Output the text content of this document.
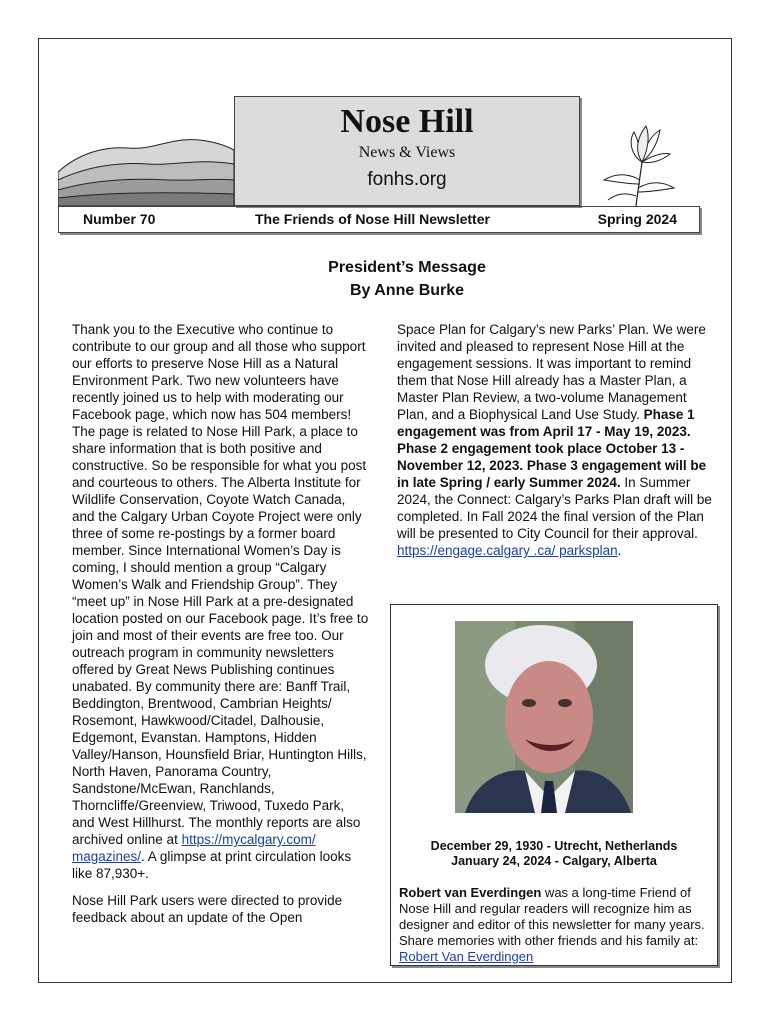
Nose Hill
News & Views
fonhs.org
Number 70	The Friends of Nose Hill Newsletter	Spring 2024
President’s Message
By Anne Burke

Thank you to the Executive who continue to contribute to our group and all those who support our efforts to preserve Nose Hill as a Natural Environment Park. Two new volunteers have recently joined us to help with moderating our Facebook page, which now has 504 members! The page is related to Nose Hill Park, a place to share information that is both positive and constructive. So be responsible for what you post and courteous to others. The Alberta Institute for Wildlife Conservation, Coyote Watch Canada, and the Calgary Urban Coyote Project were only three of some re-postings by a former board member. Since International Women’s Day is coming, I should mention a group “Calgary Women’s Walk and Friendship Group”. They “meet up” in Nose Hill Park at a pre-designated location posted on our Facebook page. It’s free to join and most of their events are free too. Our outreach program in community newsletters offered by Great News Publishing continues unabated. By community there are: Banff Trail, Beddington, Brentwood, Cambrian Heights/ Rosemont, Hawkwood/Citadel, Dalhousie, Edgemont, Evanstan. Hamptons, Hidden Valley/Hanson, Hounsfield Briar, Huntington Hills, North Haven, Panorama Country, Sandstone/McEwan, Ranchlands, Thorncliffe/Greenview, Triwood, Tuxedo Park, and West Hillhurst. The monthly reports are also archived online at https://mycalgary.com/ magazines/. A glimpse at print circulation looks like 87,930+.

Nose Hill Park users were directed to provide feedback about an update of the Open

Space Plan for Calgary’s new Parks’ Plan. We were invited and pleased to represent Nose Hill at the engagement sessions. It was important to remind them that Nose Hill already has a Master Plan, a Master Plan Review, a two-volume Management Plan, and a Biophysical Land Use Study. Phase 1 engagement was from April 17 - May 19, 2023. Phase 2 engagement took place October 13 - November 12, 2023. Phase 3 engagement will be in late Spring / early Summer 2024. In Summer 2024, the Connect: Calgary’s Parks Plan draft will be completed. In Fall 2024 the final version of the Plan will be presented to City Council for their approval. https://engage.calgary .ca/ parksplan.

December 29, 1930 - Utrecht, Netherlands
January 24, 2024 - Calgary, Alberta
Robert van Everdingen was a long-time Friend of Nose Hill and regular readers will recognize him as designer and editor of this newsletter for many years. Share memories with other friends and his family at: Robert Van Everdingen
